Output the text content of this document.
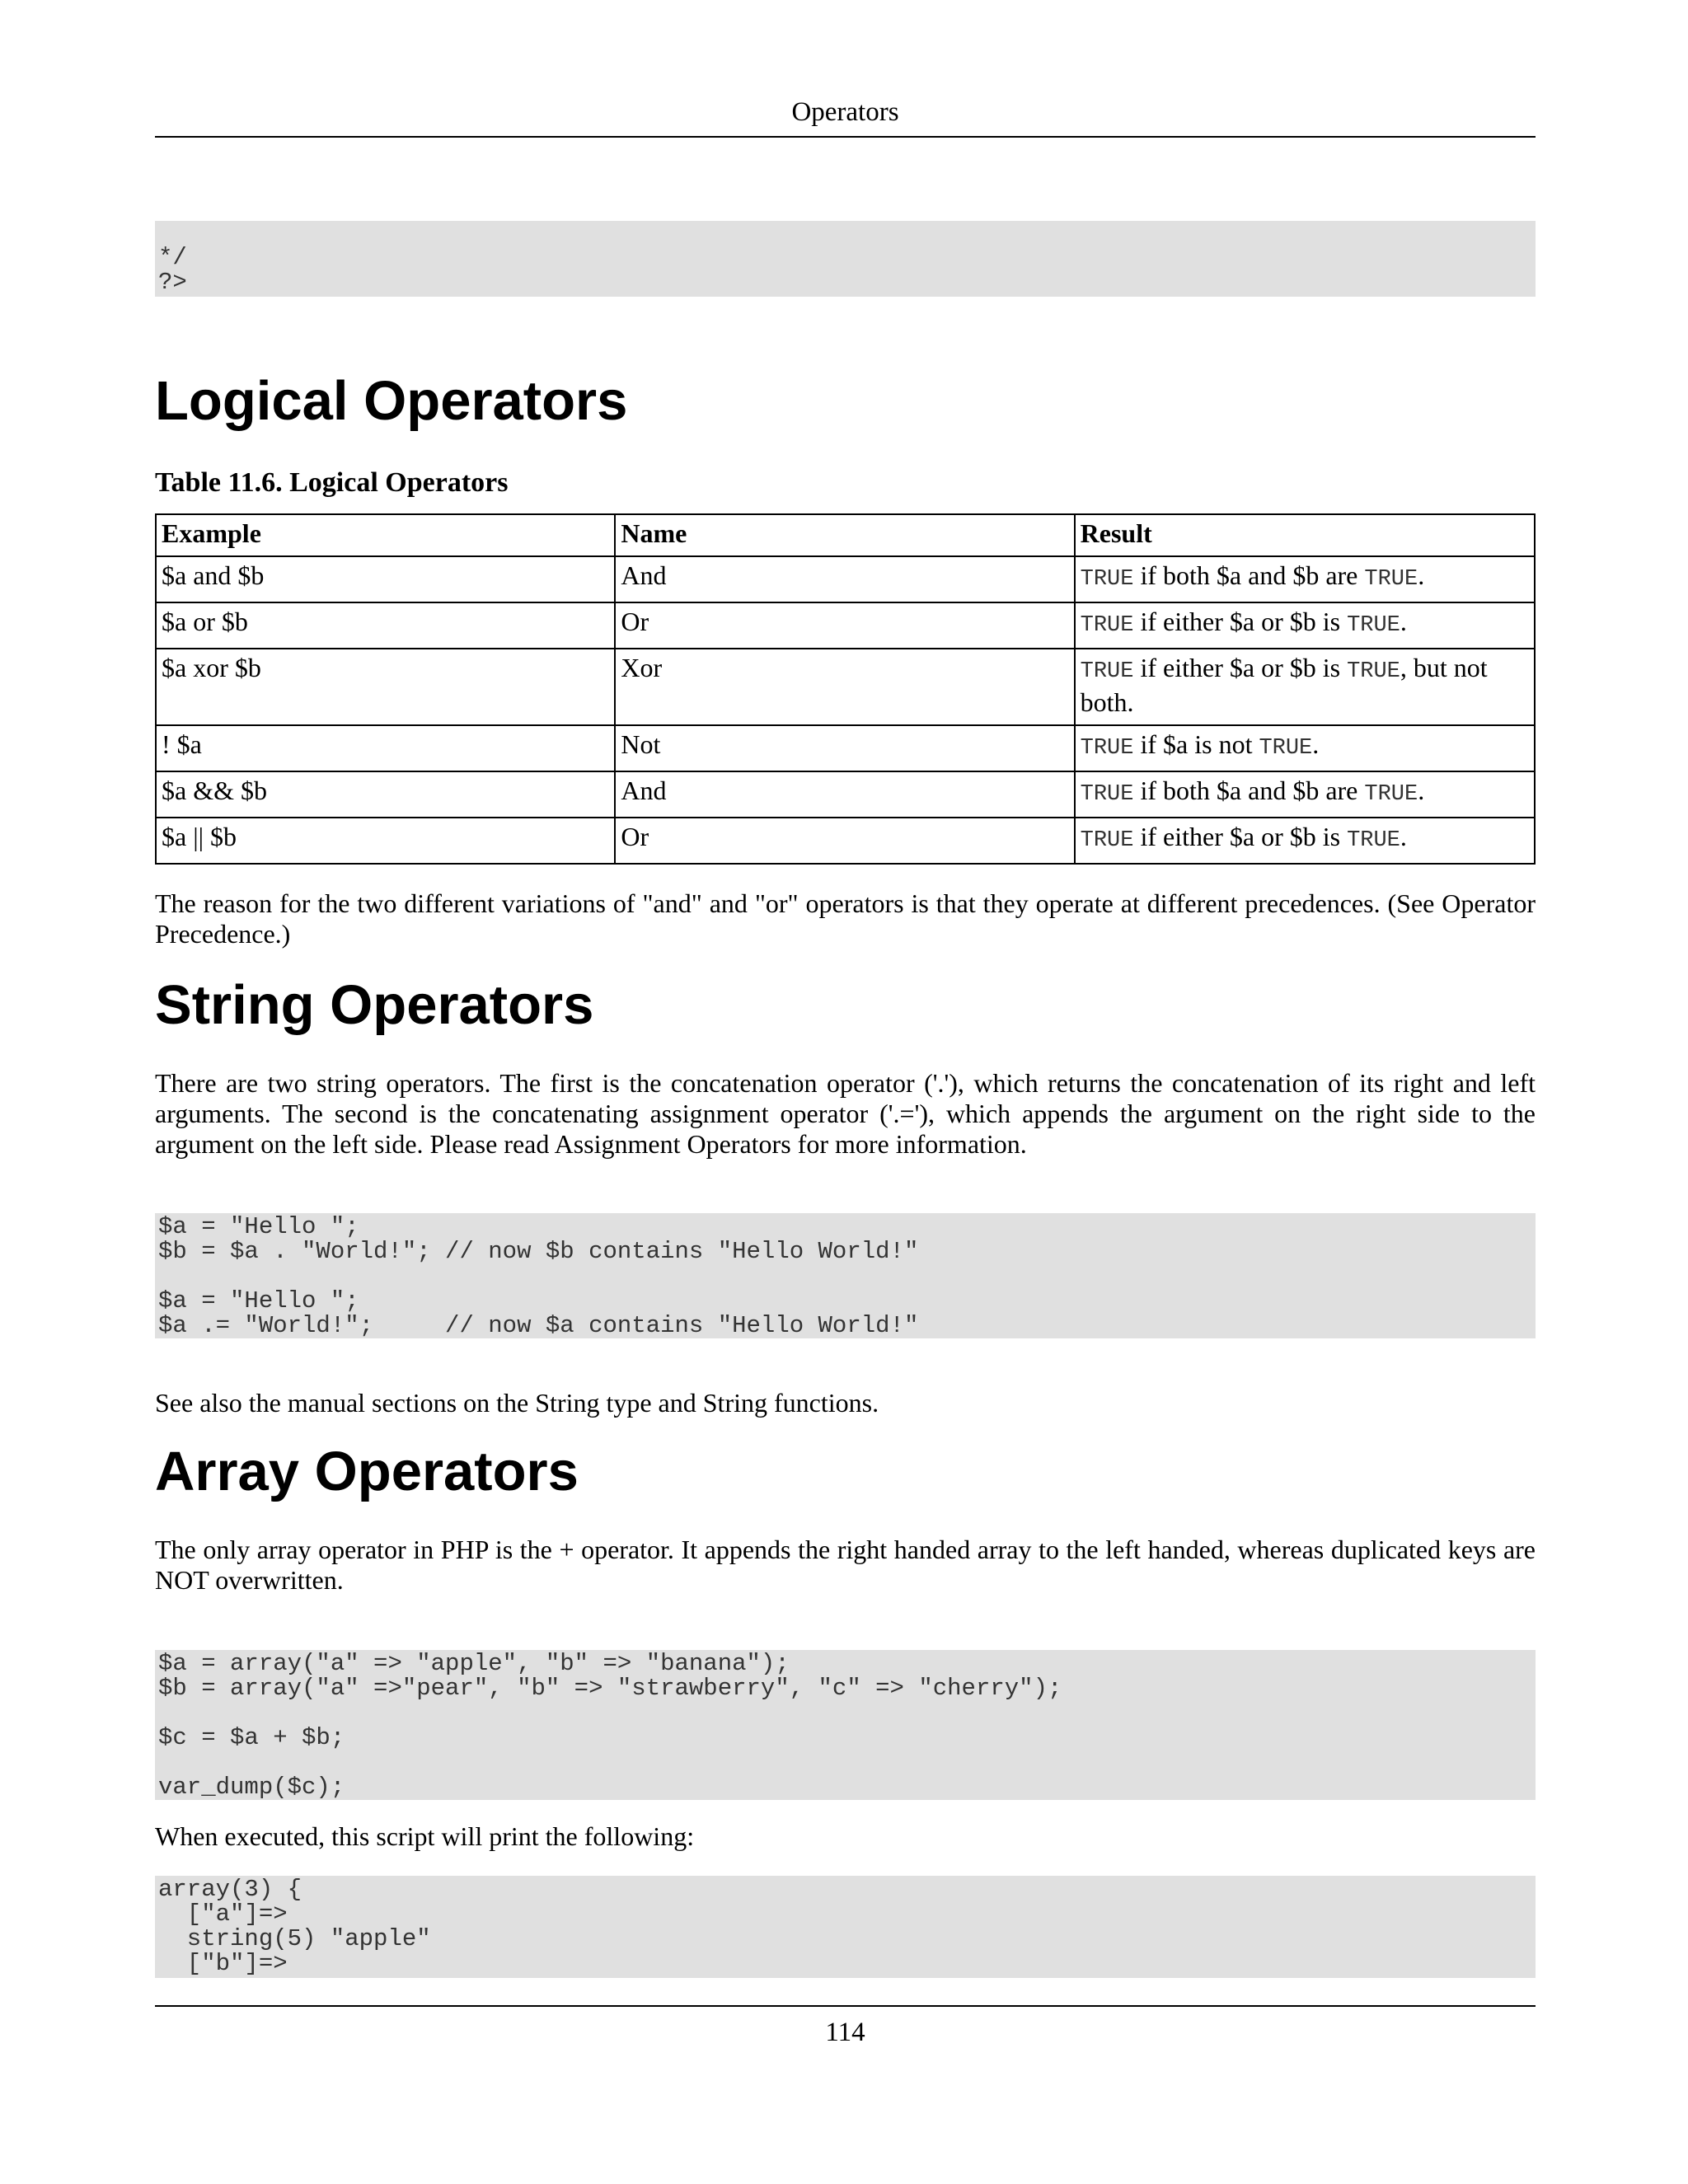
Operators
*/
?>
Logical Operators
Table 11.6. Logical Operators
Example	Name	Result
$a and $b	And	TRUE if both $a and $b are TRUE.
$a or $b	Or	TRUE if either $a or $b is TRUE.
$a xor $b	Xor	TRUE if either $a or $b is TRUE, but not both.
! $a	Not	TRUE if $a is not TRUE.
$a && $b	And	TRUE if both $a and $b are TRUE.
$a || $b	Or	TRUE if either $a or $b is TRUE.
The reason for the two different variations of "and" and "or" operators is that they operate at different precedences. (See Operator Precedence.)
String Operators
There are two string operators. The first is the concatenation operator ('.'), which returns the concatenation of its right and left arguments. The second is the concatenating assignment operator ('.='), which appends the argument on the right side to the argument on the left side. Please read Assignment Operators for more information.
$a = "Hello ";
$b = $a . "World!"; // now $b contains "Hello World!"

$a = "Hello ";
$a .= "World!";     // now $a contains "Hello World!"
See also the manual sections on the String type and String functions.
Array Operators
The only array operator in PHP is the + operator. It appends the right handed array to the left handed, whereas duplicated keys are NOT overwritten.
$a = array("a" => "apple", "b" => "banana");
$b = array("a" =>"pear", "b" => "strawberry", "c" => "cherry");

$c = $a + $b;

var_dump($c);
When executed, this script will print the following:
array(3) {
["a"]=>
string(5) "apple"
["b"]=>
114
